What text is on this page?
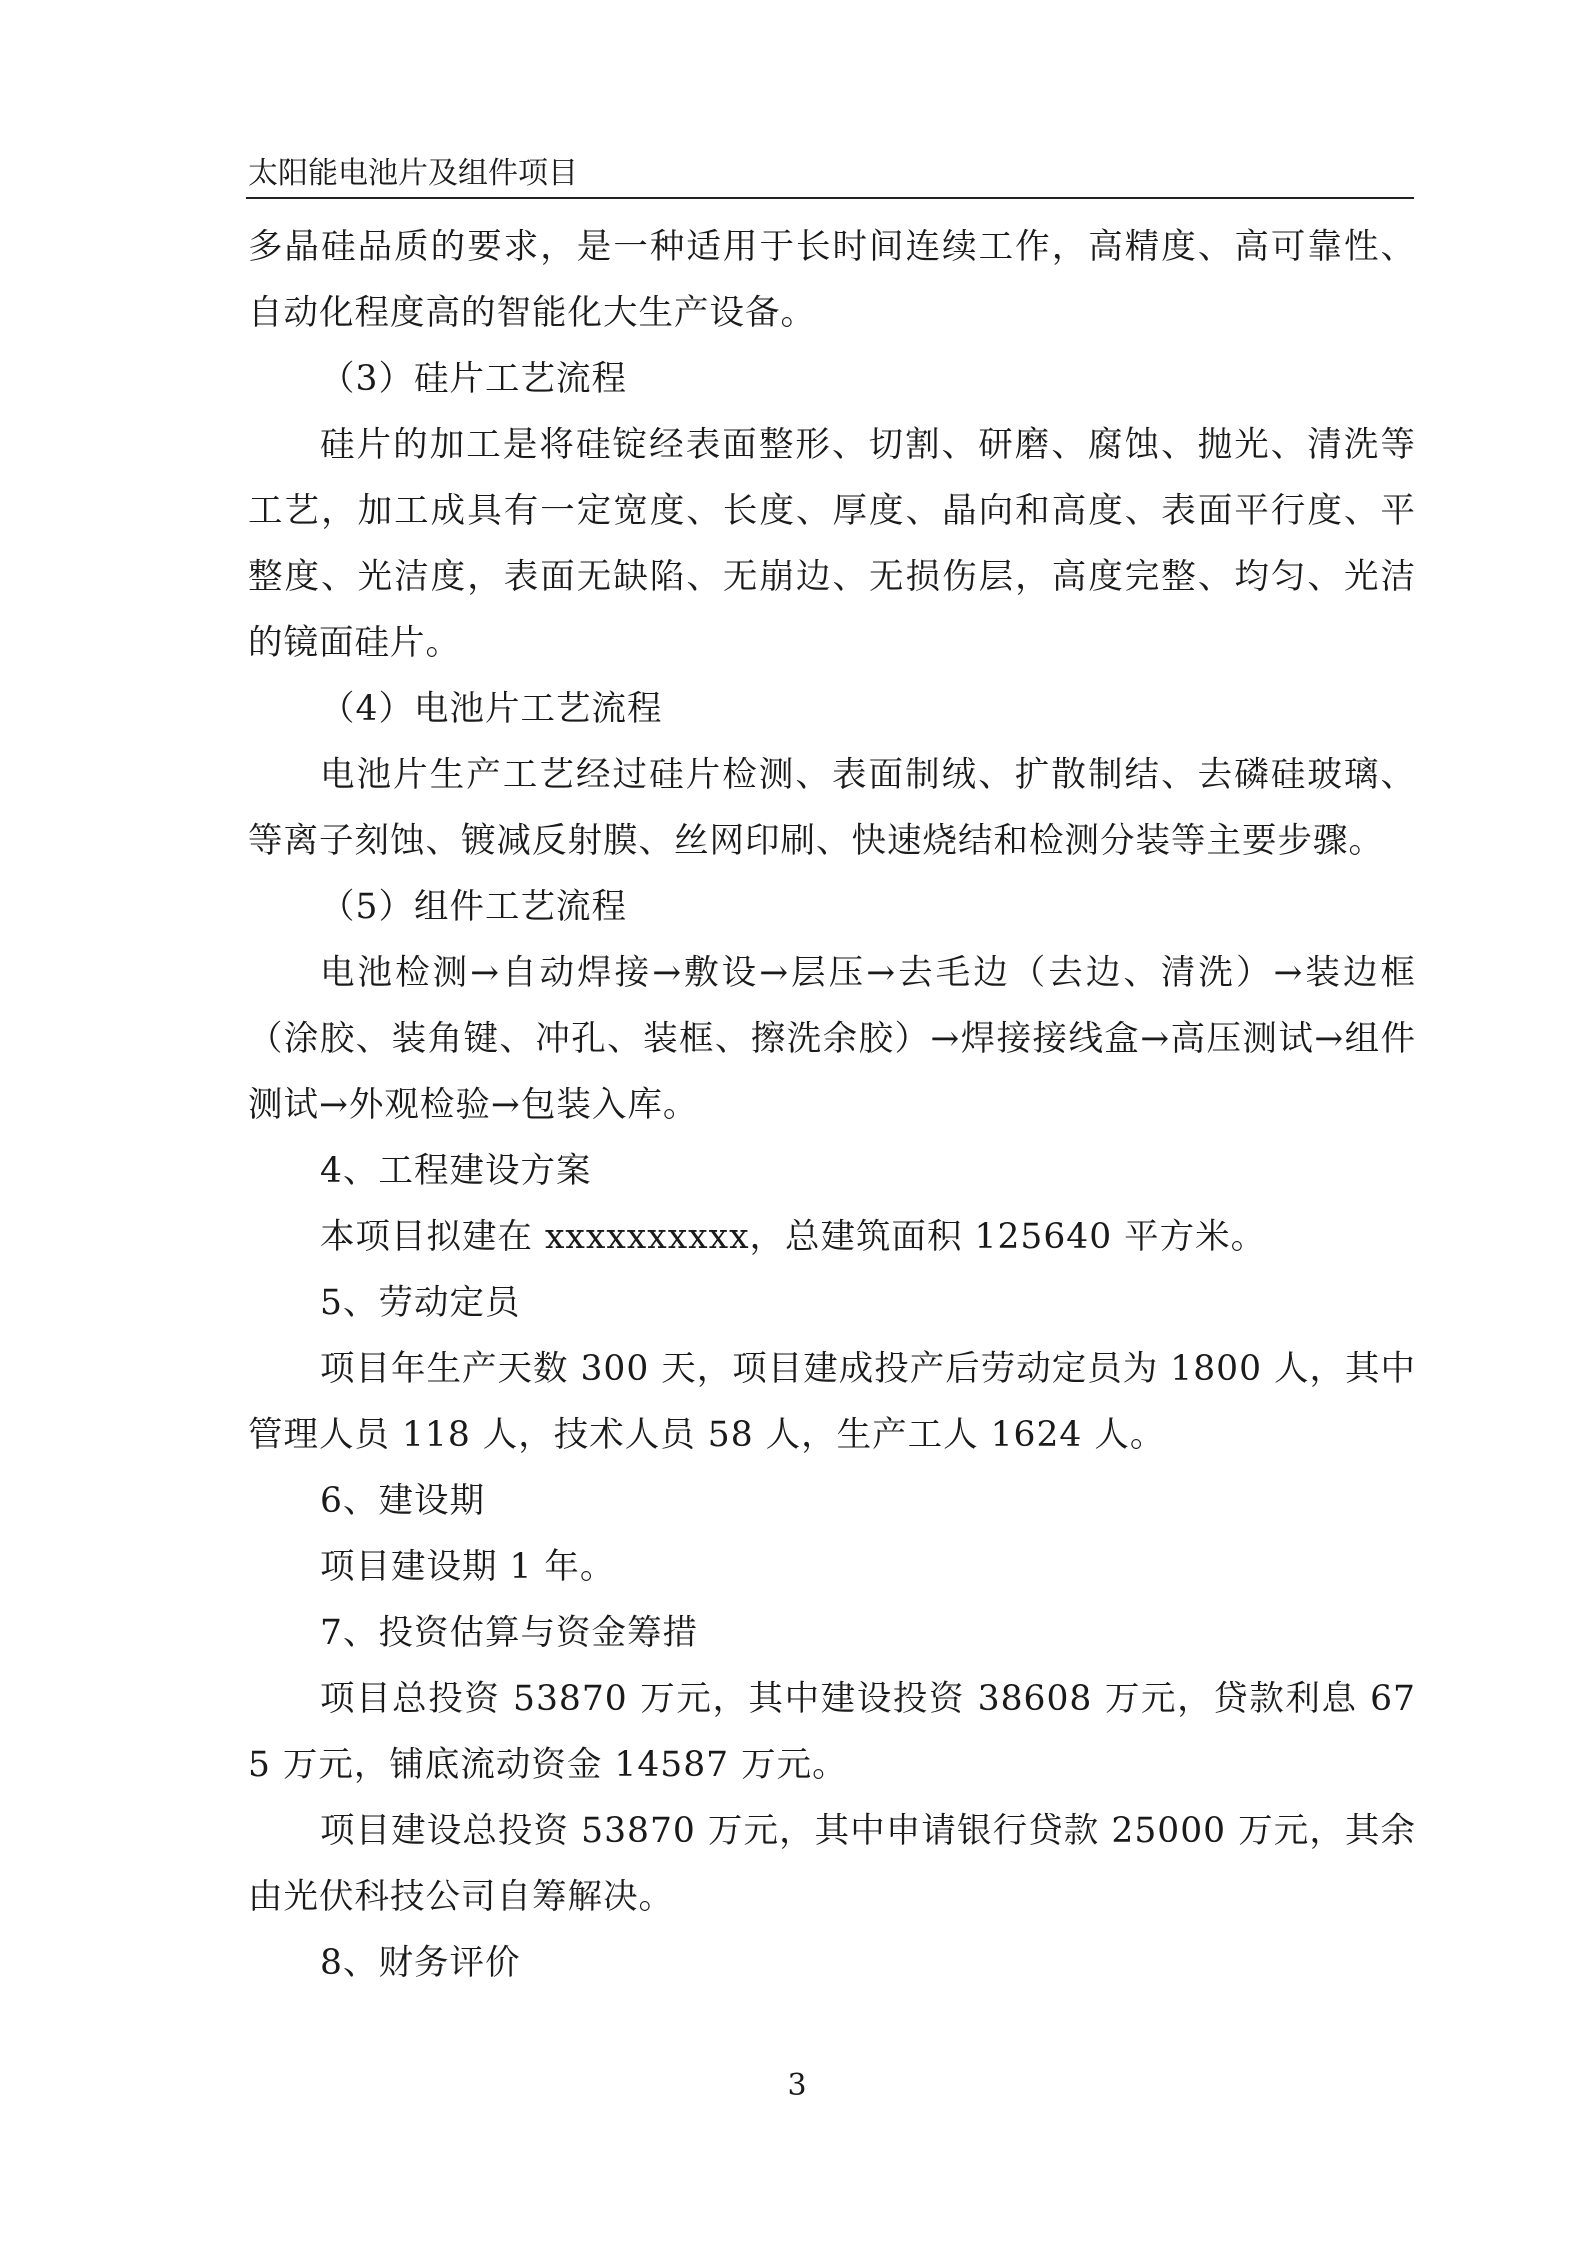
太阳能电池片及组件项目

多晶硅品质的要求，是一种适用于长时间连续工作，高精度、高可靠性、自动化程度高的智能化大生产设备。

（3）硅片工艺流程

硅片的加工是将硅锭经表面整形、切割、研磨、腐蚀、抛光、清洗等工艺，加工成具有一定宽度、长度、厚度、晶向和高度、表面平行度、平整度、光洁度，表面无缺陷、无崩边、无损伤层，高度完整、均匀、光洁的镜面硅片。

（4）电池片工艺流程

电池片生产工艺经过硅片检测、表面制绒、扩散制结、去磷硅玻璃、等离子刻蚀、镀减反射膜、丝网印刷、快速烧结和检测分装等主要步骤。

（5）组件工艺流程

电池检测→自动焊接→敷设→层压→去毛边（去边、清洗）→装边框（涂胶、装角键、冲孔、装框、擦洗余胶）→焊接接线盒→高压测试→组件测试→外观检验→包装入库。

4、工程建设方案

本项目拟建在 xxxxxxxxxx，总建筑面积 125640 平方米。

5、劳动定员

项目年生产天数 300 天，项目建成投产后劳动定员为 1800 人，其中管理人员 118 人，技术人员 58 人，生产工人 1624 人。

6、建设期

项目建设期 1 年。

7、投资估算与资金筹措

项目总投资 53870 万元，其中建设投资 38608 万元，贷款利息 675 万元，铺底流动资金 14587 万元。

项目建设总投资 53870 万元，其中申请银行贷款 25000 万元，其余由光伏科技公司自筹解决。

8、财务评价

3
